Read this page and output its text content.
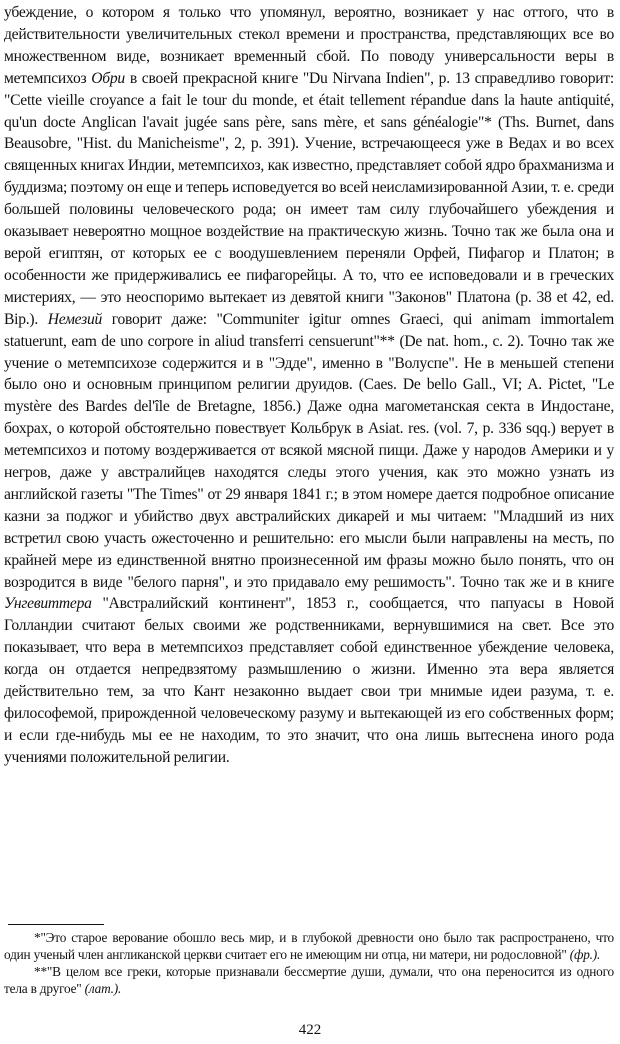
убеждение, о котором я только что упомянул, вероятно, возникает у нас оттого, что в действительности увеличительных стекол времени и пространства, представляющих все во множественном виде, возникает временный сбой. По поводу универсальности веры в метемпсихоз Обри в своей прекрасной книге "Du Nirvana Indien", p. 13 справедливо говорит: "Cette vieille croyance a fait le tour du monde, et était tellement répandue dans la haute antiquité, qu'un docte Anglican l'avait jugée sans père, sans mère, et sans généalogie"* (Ths. Burnet, dans Beausobre, "Hist. du Manicheisme", 2, p. 391). Учение, встречающееся уже в Ведах и во всех священных книгах Индии, метемпсихоз, как известно, представляет собой ядро брахманизма и буддизма; поэтому он еще и теперь исповедуется во всей неисламизированной Азии, т. е. среди большей половины человеческого рода; он имеет там силу глубочайшего убеждения и оказывает невероятно мощное воздействие на практическую жизнь. Точно так же была она и верой египтян, от которых ее с воодушевлением переняли Орфей, Пифагор и Платон; в особенности же придерживались ее пифагорейцы. А то, что ее исповедовали и в греческих мистериях, — это неоспоримо вытекает из девятой книги "Законов" Платона (p. 38 et 42, ed. Bip.). Немезий говорит даже: "Communiter igitur omnes Graeci, qui animam immortalem statuerunt, eam de uno corpore in aliud transferri censuerunt"** (De nat. hom., c. 2). Точно так же учение о метемпсихозе содержится и в "Эдде", именно в "Волуспе". Не в меньшей степени было оно и основным принципом религии друидов. (Caes. De bello Gall., VI; A. Pictet, "Le mystère des Bardes del'île de Bretagne, 1856.) Даже одна магометанская секта в Индостане, бохрах, о которой обстоятельно повествует Кольбрук в Asiat. res. (vol. 7, p. 336 sqq.) верует в метемпсихоз и потому воздерживается от всякой мясной пищи. Даже у народов Америки и у негров, даже у австралийцев находятся следы этого учения, как это можно узнать из английской газеты "The Times" от 29 января 1841 г.; в этом номере дается подробное описание казни за поджог и убийство двух австралийских дикарей и мы читаем: "Младший из них встретил свою участь ожесточенно и решительно: его мысли были направлены на месть, по крайней мере из единственной внятно произнесенной им фразы можно было понять, что он возродится в виде "белого парня", и это придавало ему решимость". Точно так же и в книге Унгевиттера "Австралийский континент", 1853 г., сообщается, что папуасы в Новой Голландии считают белых своими же родственниками, вернувшимися на свет. Все это показывает, что вера в метемпсихоз представляет собой единственное убеждение человека, когда он отдается непредвзятому размышлению о жизни. Именно эта вера является действительно тем, за что Кант незаконно выдает свои три мнимые идеи разума, т. е. философемой, прирожденной человеческому разуму и вытекающей из его собственных форм; и если где-нибудь мы ее не находим, то это значит, что она лишь вытеснена иного рода учениями положительной религии.

*"Это старое верование обошло весь мир, и в глубокой древности оно было так распространено, что один ученый член англиканской церкви считает его не имеющим ни отца, ни матери, ни родословной" (фр.).

**"В целом все греки, которые признавали бессмертие души, думали, что она переносится из одного тела в другое" (лат.).

422
